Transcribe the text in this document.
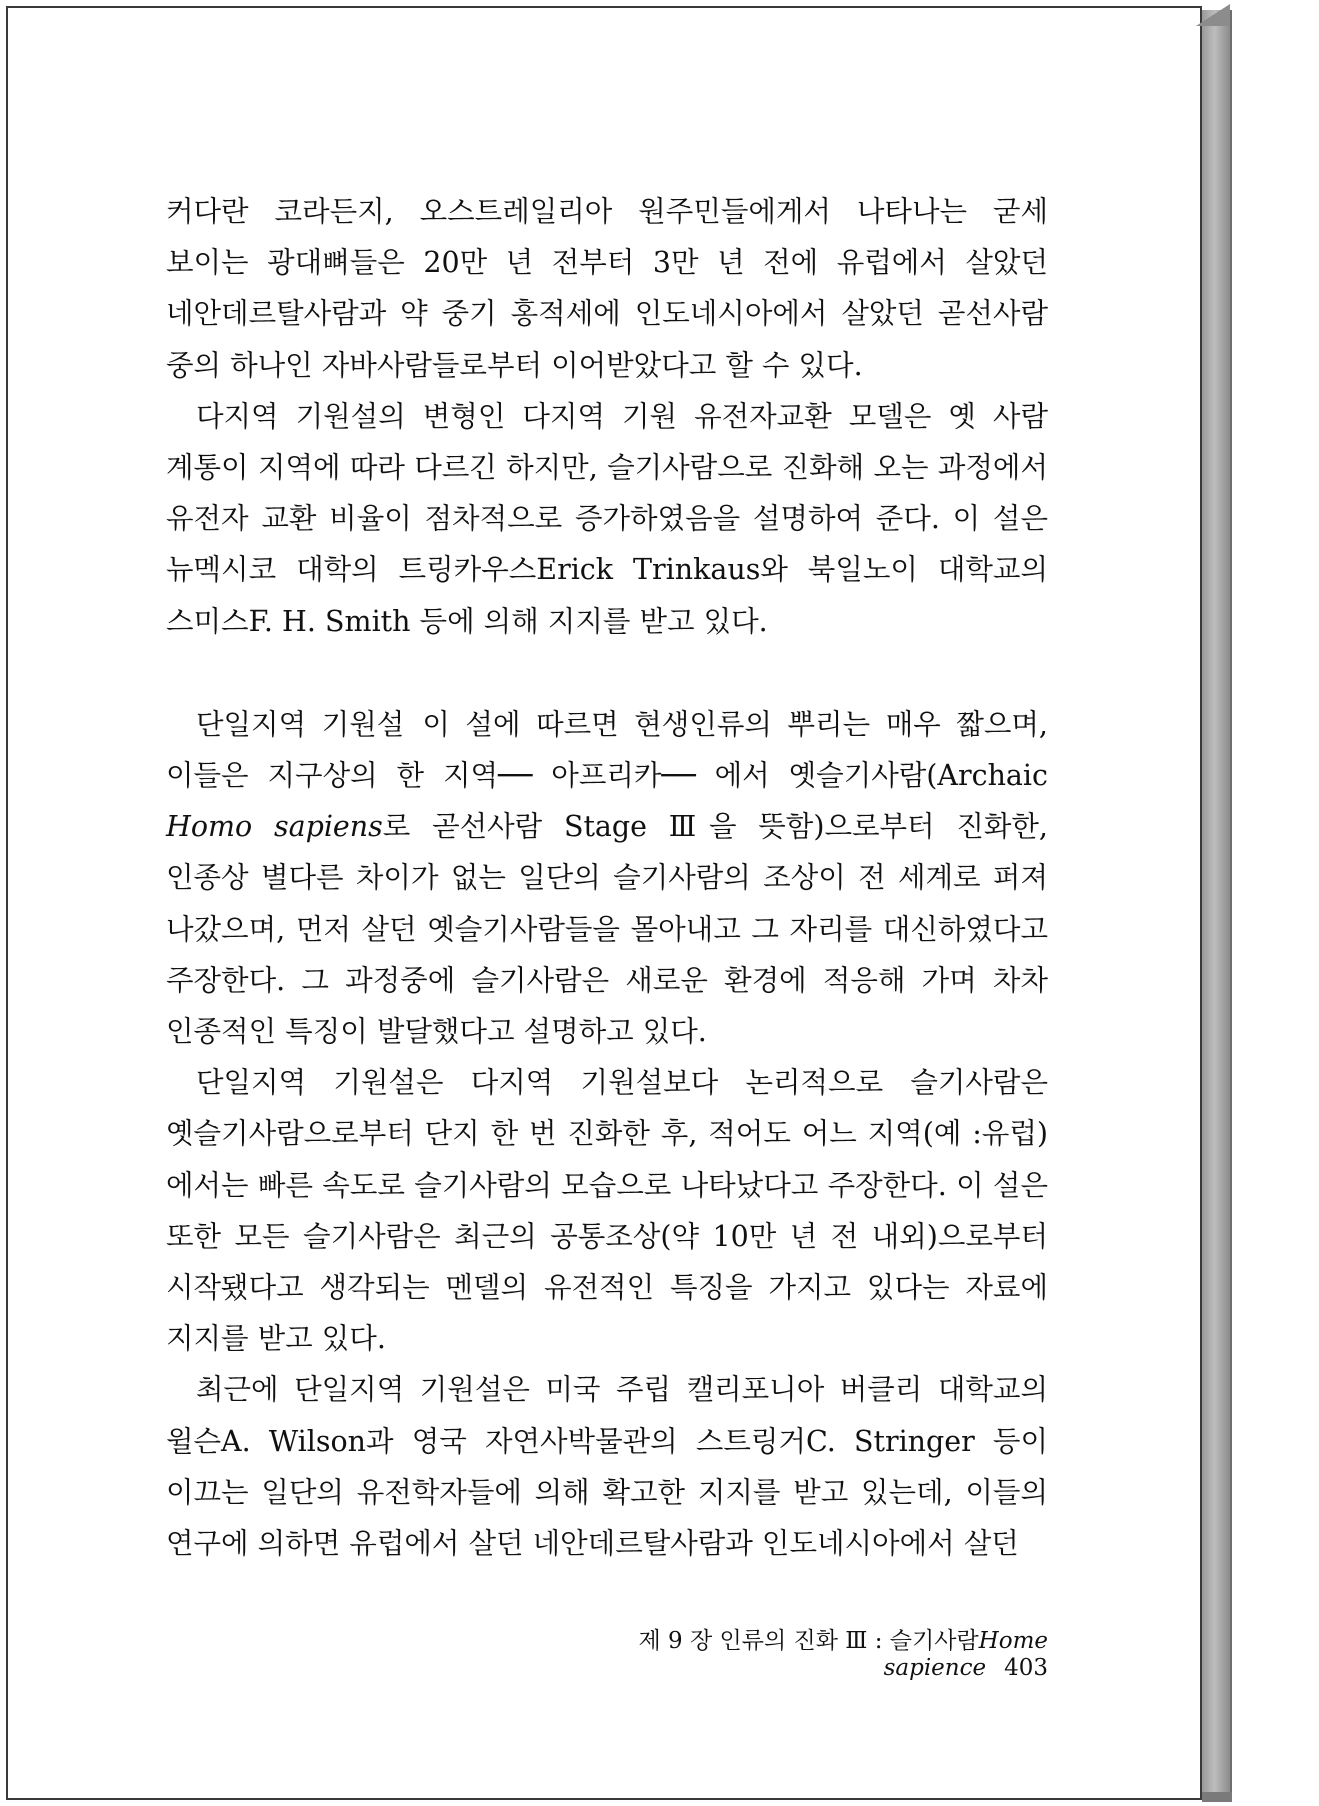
커다란 코라든지, 오스트레일리아 원주민들에게서 나타나는 굳세 보이는 광대뼈들은 20만 년 전부터 3만 년 전에 유럽에서 살았던 네안데르탈사람과 약 중기 홍적세에 인도네시아에서 살았던 곧선사람 중의 하나인 자바사람들로부터 이어받았다고 할 수 있다.

다지역 기원설의 변형인 다지역 기원 유전자교환 모델은 옛 사람 계통이 지역에 따라 다르긴 하지만, 슬기사람으로 진화해 오는 과정에서 유전자 교환 비율이 점차적으로 증가하였음을 설명하여 준다. 이 설은 뉴멕시코 대학의 트링카우스Erick Trinkaus와 북일노이 대학교의 스미스F. H. Smith 등에 의해 지지를 받고 있다.

단일지역 기원설 이 설에 따르면 현생인류의 뿌리는 매우 짧으며, 이들은 지구상의 한 지역── 아프리카── 에서 옛슬기사람(Archaic Homo sapiens로 곧선사람 Stage Ⅲ을 뜻함)으로부터 진화한, 인종상 별다른 차이가 없는 일단의 슬기사람의 조상이 전 세계로 퍼져 나갔으며, 먼저 살던 옛슬기사람들을 몰아내고 그 자리를 대신하였다고 주장한다. 그 과정중에 슬기사람은 새로운 환경에 적응해 가며 차차 인종적인 특징이 발달했다고 설명하고 있다.

단일지역 기원설은 다지역 기원설보다 논리적으로 슬기사람은 옛슬기사람으로부터 단지 한 번 진화한 후, 적어도 어느 지역(예 :유럽)에서는 빠른 속도로 슬기사람의 모습으로 나타났다고 주장한다. 이 설은 또한 모든 슬기사람은 최근의 공통조상(약 10만 년 전 내외)으로부터 시작됐다고 생각되는 멘델의 유전적인 특징을 가지고 있다는 자료에 지지를 받고 있다.

최근에 단일지역 기원설은 미국 주립 캘리포니아 버클리 대학교의 윌슨A. Wilson과 영국 자연사박물관의 스트링거C. Stringer 등이 이끄는 일단의 유전학자들에 의해 확고한 지지를 받고 있는데, 이들의 연구에 의하면 유럽에서 살던 네안데르탈사람과 인도네시아에서 살던

제 9 장 인류의 진화 Ⅲ : 슬기사람Home sapience 403
